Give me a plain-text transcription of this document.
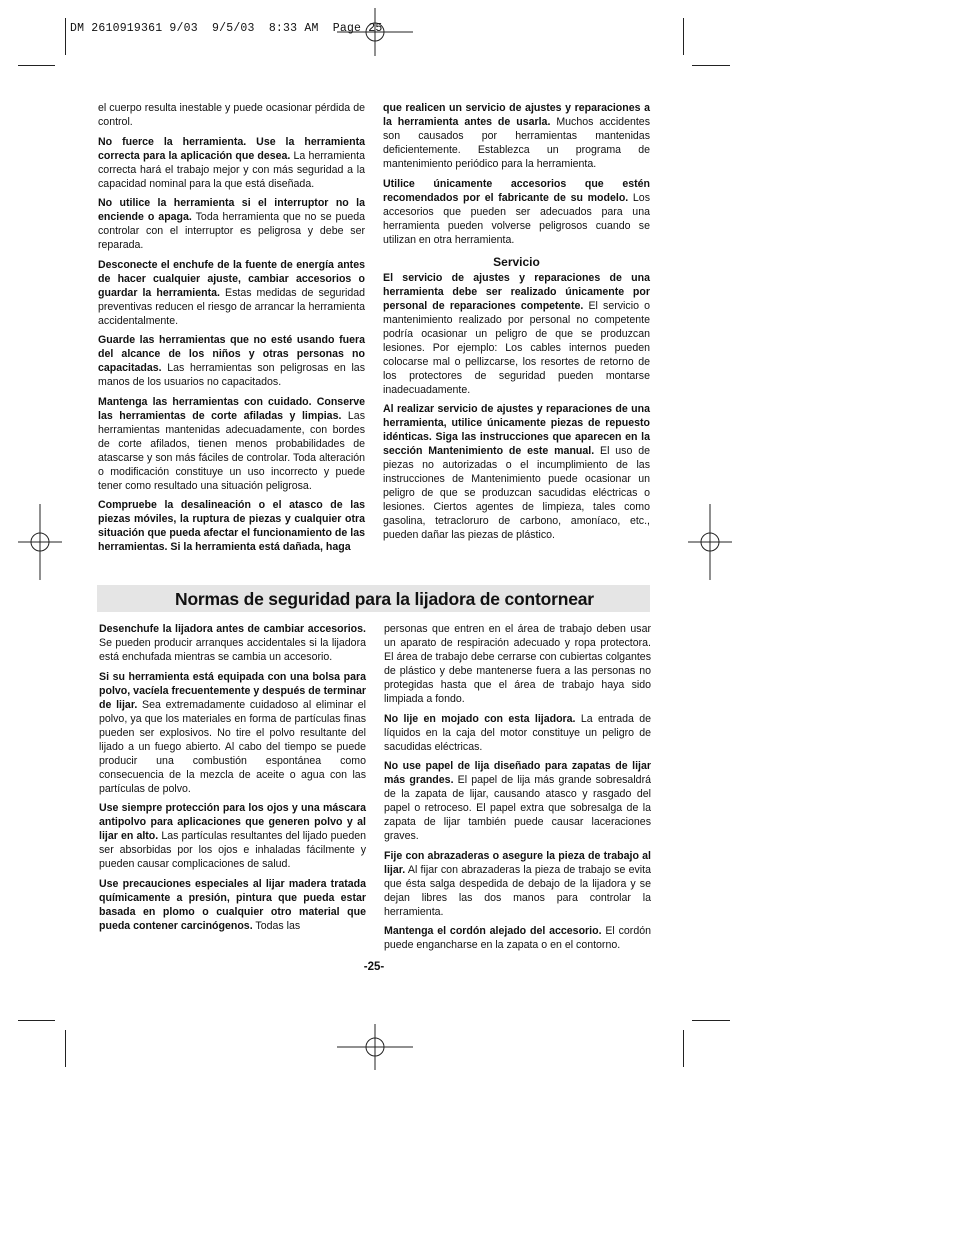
DM 2610919361 9/03  9/5/03  8:33 AM  Page 25

el cuerpo resulta inestable y puede ocasionar pérdida de control.

No fuerce la herramienta. Use la herramienta correcta para la aplicación que desea. La herramienta correcta hará el trabajo mejor y con más seguridad a la capacidad nominal para la que está diseñada.

No utilice la herramienta si el interruptor no la enciende o apaga. Toda herramienta que no se pueda controlar con el interruptor es peligrosa y debe ser reparada.

Desconecte el enchufe de la fuente de energía antes de hacer cualquier ajuste, cambiar accesorios o guardar la herramienta. Estas medidas de seguridad preventivas reducen el riesgo de arrancar la herramienta accidentalmente.

Guarde las herramientas que no esté usando fuera del alcance de los niños y otras personas no capacitadas. Las herramientas son peligrosas en las manos de los usuarios no capacitados.

Mantenga las herramientas con cuidado. Conserve las herramientas de corte afiladas y limpias. Las herramientas mantenidas adecuadamente, con bordes de corte afilados, tienen menos probabilidades de atascarse y son más fáciles de controlar. Toda alteración o modificación constituye un uso incorrecto y puede tener como resultado una situación peligrosa.

Compruebe la desalineación o el atasco de las piezas móviles, la ruptura de piezas y cualquier otra situación que pueda afectar el funcionamiento de las herramientas. Si la herramienta está dañada, haga

que realicen un servicio de ajustes y reparaciones a la herramienta antes de usarla. Muchos accidentes son causados por herramientas mantenidas deficientemente. Establezca un programa de mantenimiento periódico para la herramienta.

Utilice únicamente accesorios que estén recomendados por el fabricante de su modelo. Los accesorios que pueden ser adecuados para una herramienta pueden volverse peligrosos cuando se utilizan en otra herramienta.

Servicio

El servicio de ajustes y reparaciones de una herramienta debe ser realizado únicamente por personal de reparaciones competente. El servicio o mantenimiento realizado por personal no competente podría ocasionar un peligro de que se produzcan lesiones. Por ejemplo: Los cables internos pueden colocarse mal o pellizcarse, los resortes de retorno de los protectores de seguridad pueden montarse inadecuadamente.

Al realizar servicio de ajustes y reparaciones de una herramienta, utilice únicamente piezas de repuesto idénticas. Siga las instrucciones que aparecen en la sección Mantenimiento de este manual. El uso de piezas no autorizadas o el incumplimiento de las instrucciones de Mantenimiento puede ocasionar un peligro de que se produzcan sacudidas eléctricas o lesiones. Ciertos agentes de limpieza, tales como gasolina, tetracloruro de carbono, amoníaco, etc., pueden dañar las piezas de plástico.

Normas de seguridad para la lijadora de contornear

Desenchufe la lijadora antes de cambiar accesorios. Se pueden producir arranques accidentales si la lijadora está enchufada mientras se cambia un accesorio.

Si su herramienta está equipada con una bolsa para polvo, vacíela frecuentemente y después de terminar de lijar. Sea extremadamente cuidadoso al eliminar el polvo, ya que los materiales en forma de partículas finas pueden ser explosivos. No tire el polvo resultante del lijado a un fuego abierto. Al cabo del tiempo se puede producir una combustión espontánea como consecuencia de la mezcla de aceite o agua con las partículas de polvo.

Use siempre protección para los ojos y una máscara antipolvo para aplicaciones que generen polvo y al lijar en alto. Las partículas resultantes del lijado pueden ser absorbidas por los ojos e inhaladas fácilmente y pueden causar complicaciones de salud.

Use precauciones especiales al lijar madera tratada químicamente a presión, pintura que pueda estar basada en plomo o cualquier otro material que pueda contener carcinógenos. Todas las

personas que entren en el área de trabajo deben usar un aparato de respiración adecuado y ropa protectora. El área de trabajo debe cerrarse con cubiertas colgantes de plástico y debe mantenerse fuera a las personas no protegidas hasta que el área de trabajo haya sido limpiada a fondo.

No lije en mojado con esta lijadora. La entrada de líquidos en la caja del motor constituye un peligro de sacudidas eléctricas.

No use papel de lija diseñado para zapatas de lijar más grandes. El papel de lija más grande sobresaldrá de la zapata de lijar, causando atasco y rasgado del papel o retroceso. El papel extra que sobresalga de la zapata de lijar también puede causar laceraciones graves.

Fije con abrazaderas o asegure la pieza de trabajo al lijar. Al fijar con abrazaderas la pieza de trabajo se evita que ésta salga despedida de debajo de la lijadora y se dejan libres las dos manos para controlar la herramienta.

Mantenga el cordón alejado del accesorio. El cordón puede engancharse en la zapata o en el contorno.

-25-
